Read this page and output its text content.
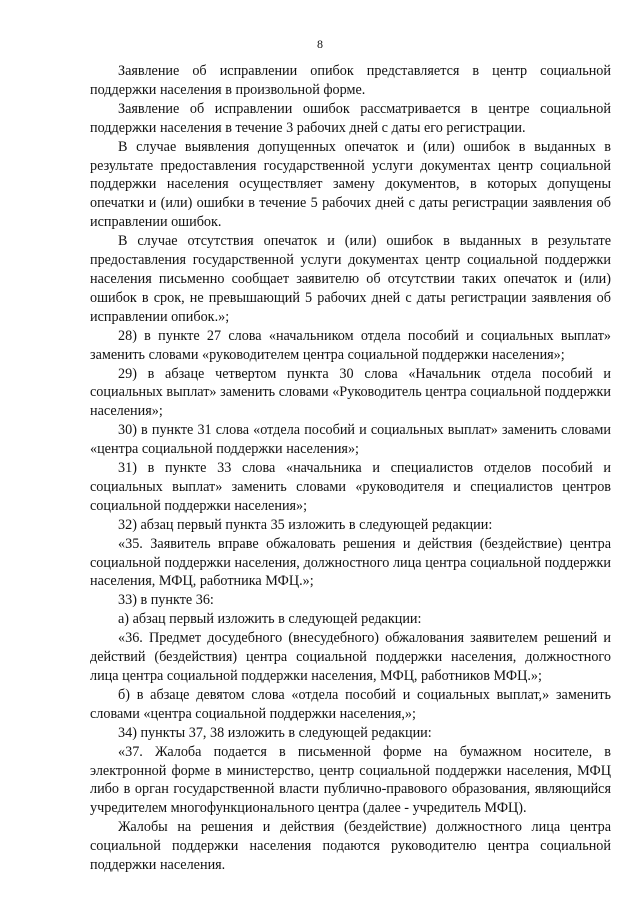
8

Заявление об исправлении опибок представляется в центр социальной поддержки населения в произвольной форме.

Заявление об исправлении ошибок рассматривается в центре социальной поддержки населения в течение 3 рабочих дней с даты его регистрации.

В случае выявления допущенных опечаток и (или) ошибок в выданных в результате предоставления государственной услуги документах центр социальной поддержки населения осуществляет замену документов, в которых допущены опечатки и (или) ошибки в течение 5 рабочих дней с даты регистрации заявления об исправлении ошибок.

В случае отсутствия опечаток и (или) ошибок в выданных в результате предоставления государственной услуги документах центр социальной поддержки населения письменно сообщает заявителю об отсутствии таких опечаток и (или) ошибок в срок, не превышающий 5 рабочих дней с даты регистрации заявления об исправлении опибок.»;

28) в пункте 27 слова «начальником отдела пособий и социальных выплат» заменить словами «руководителем центра социальной поддержки населения»;

29) в абзаце четвертом пункта 30 слова «Начальник отдела пособий и социальных выплат» заменить словами «Руководитель центра социальной поддержки населения»;

30) в пункте 31 слова «отдела пособий и социальных выплат» заменить словами «центра социальной поддержки населения»;

31) в пункте 33 слова «начальника и специалистов отделов пособий и социальных выплат» заменить словами «руководителя и специалистов центров социальной поддержки населения»;

32) абзац первый пункта 35 изложить в следующей редакции:

«35. Заявитель вправе обжаловать решения и действия (бездействие) центра социальной поддержки населения, должностного лица центра социальной поддержки населения, МФЦ, работника МФЦ.»;

33) в пункте 36:

а) абзац первый изложить в следующей редакции:

«36. Предмет досудебного (внесудебного) обжалования заявителем решений и действий (бездействия) центра социальной поддержки населения, должностного лица центра социальной поддержки населения, МФЦ, работников МФЦ.»;

б) в абзаце девятом слова «отдела пособий и социальных выплат,» заменить словами «центра социальной поддержки населения,»;

34) пункты 37, 38 изложить в следующей редакции:

«37. Жалоба подается в письменной форме на бумажном носителе, в электронной форме в министерство, центр социальной поддержки населения, МФЦ либо в орган государственной власти публично-правового образования, являющийся учредителем многофункционального центра (далее - учредитель МФЦ).

Жалобы на решения и действия (бездействие) должностного лица центра социальной поддержки населения подаются руководителю центра социальной поддержки населения.
